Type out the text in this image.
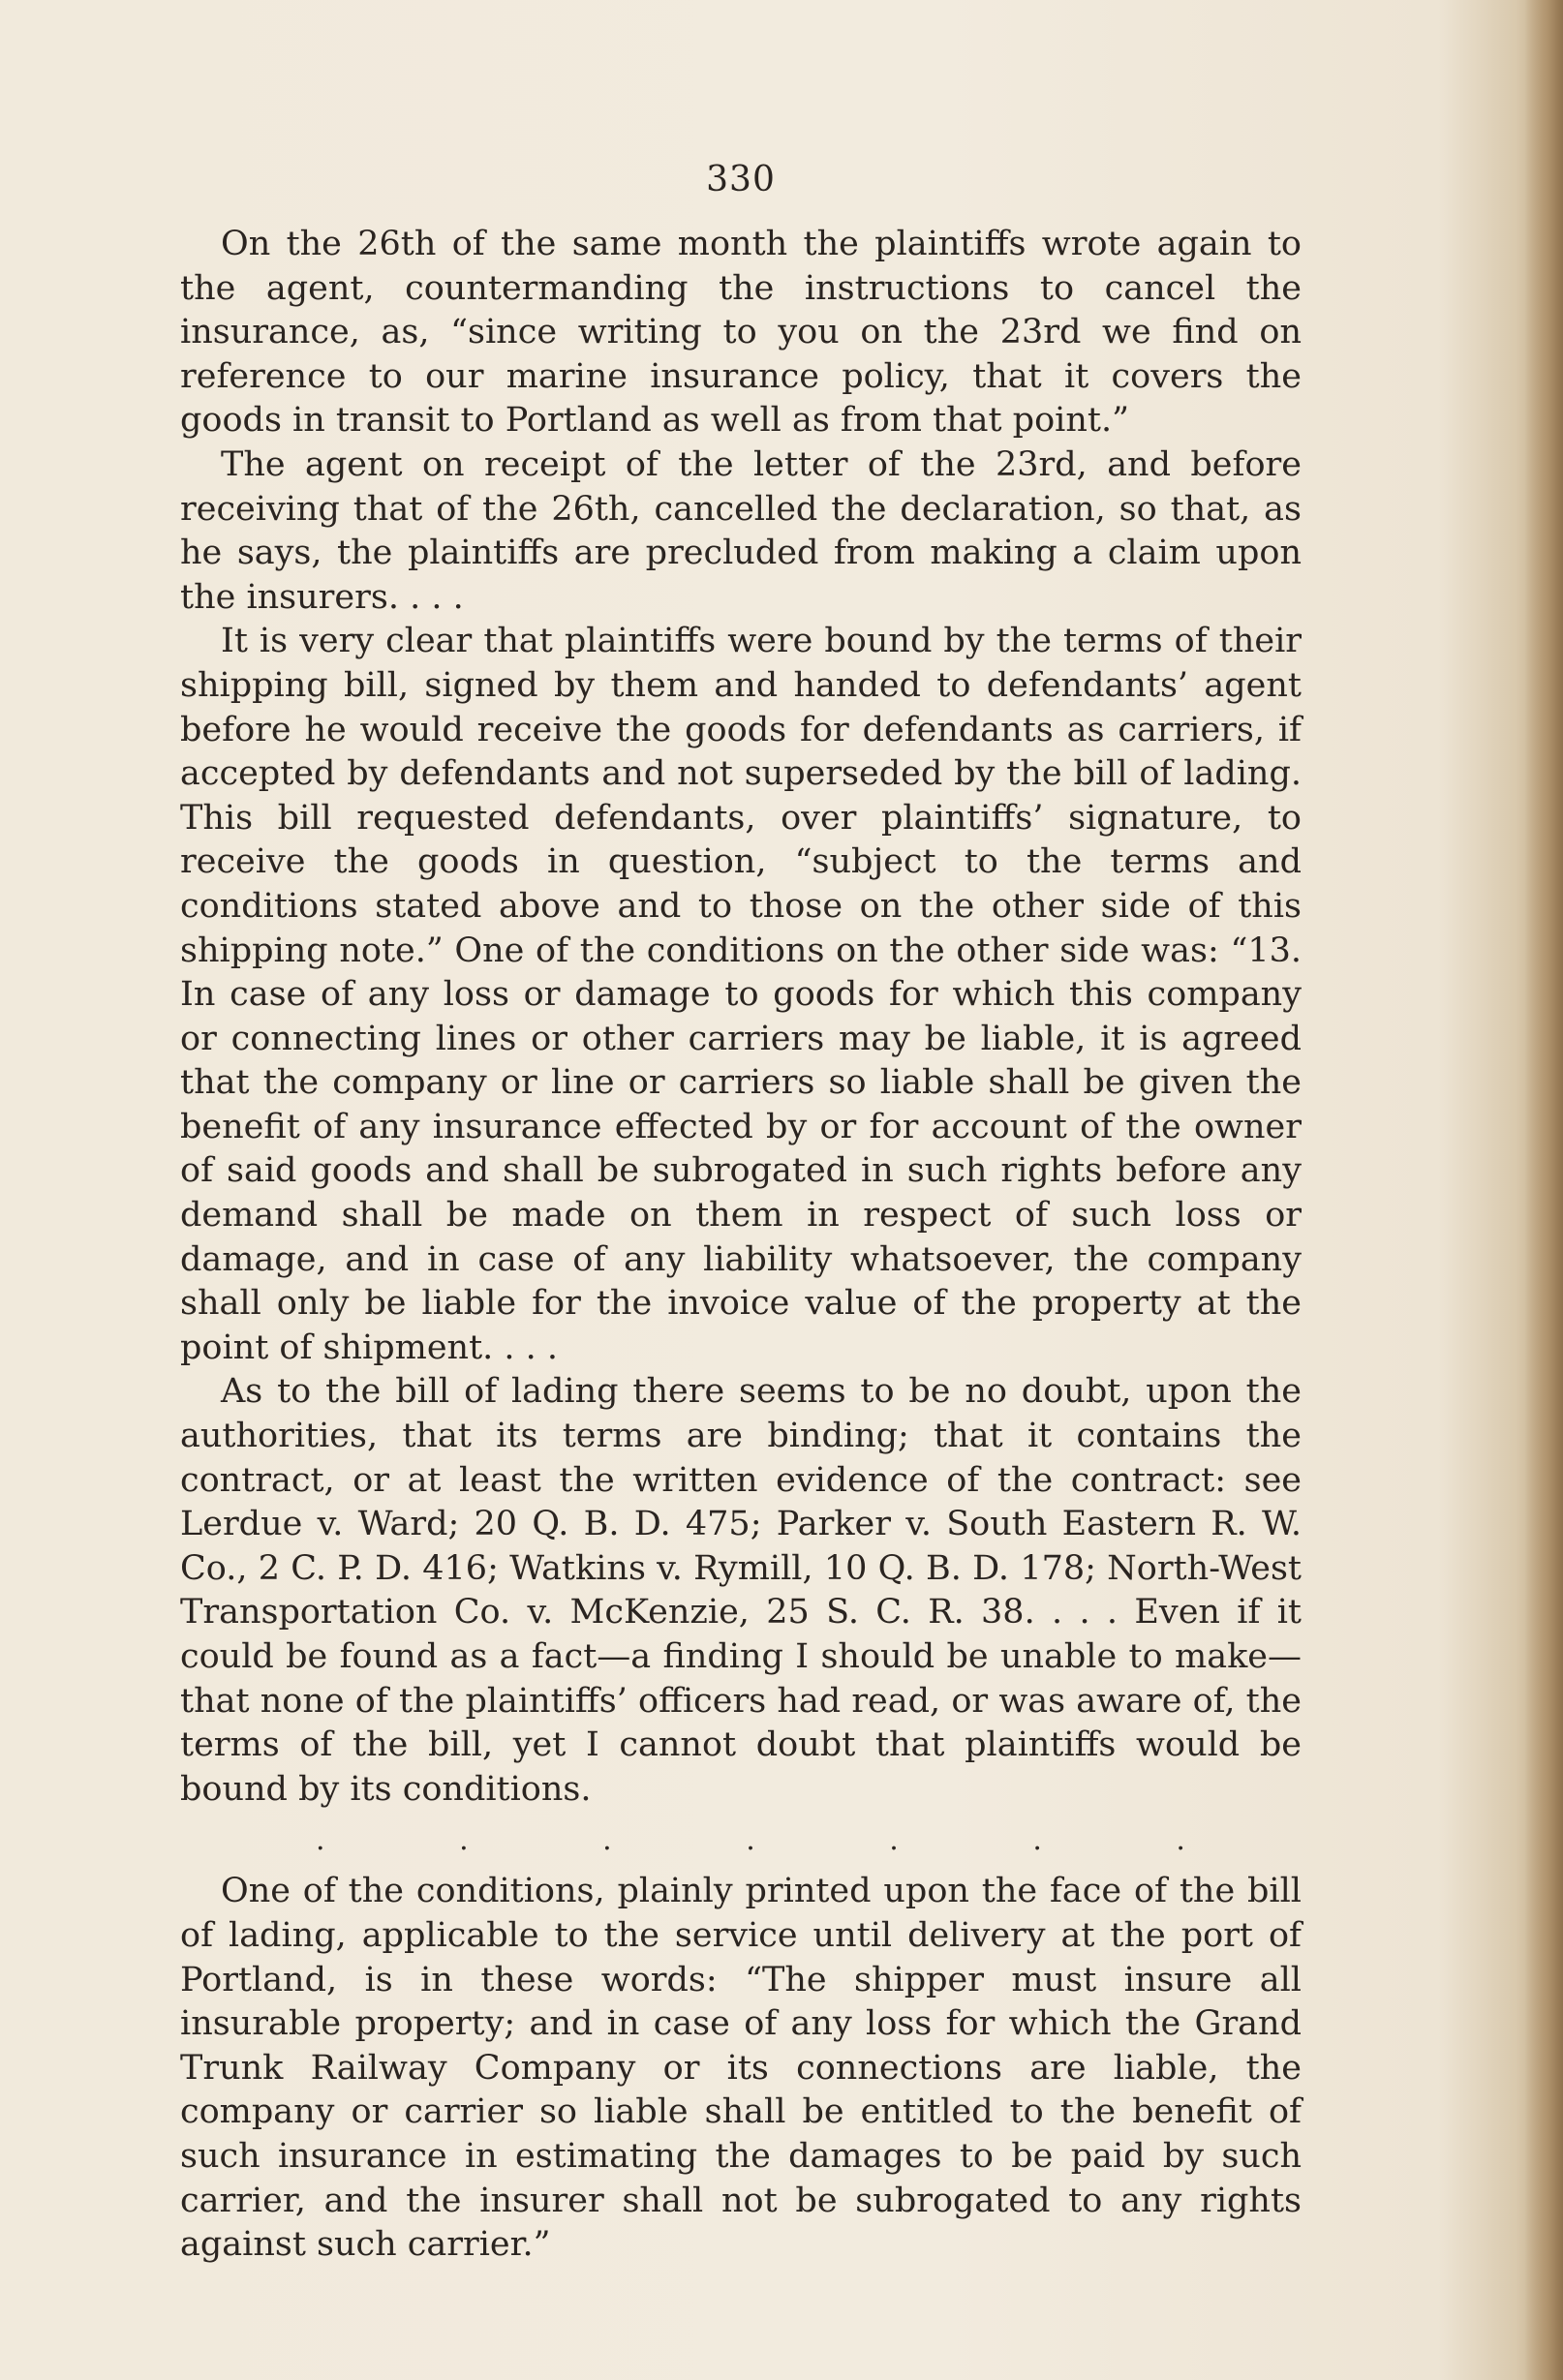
330

On the 26th of the same month the plaintiffs wrote again to the agent, countermanding the instructions to cancel the insurance, as, “since writing to you on the 23rd we find on reference to our marine insurance policy, that it covers the goods in transit to Portland as well as from that point.”

The agent on receipt of the letter of the 23rd, and before receiving that of the 26th, cancelled the declaration, so that, as he says, the plaintiffs are precluded from making a claim upon the insurers. . . .

It is very clear that plaintiffs were bound by the terms of their shipping bill, signed by them and handed to defendants’ agent before he would receive the goods for defendants as carriers, if accepted by defendants and not superseded by the bill of lading. This bill requested defendants, over plaintiffs’ signature, to receive the goods in question, “subject to the terms and conditions stated above and to those on the other side of this shipping note.” One of the conditions on the other side was: “13. In case of any loss or damage to goods for which this company or connecting lines or other carriers may be liable, it is agreed that the company or line or carriers so liable shall be given the benefit of any insurance effected by or for account of the owner of said goods and shall be subrogated in such rights before any demand shall be made on them in respect of such loss or damage, and in case of any liability whatsoever, the company shall only be liable for the invoice value of the property at the point of shipment. . . .

As to the bill of lading there seems to be no doubt, upon the authorities, that its terms are binding; that it contains the contract, or at least the written evidence of the contract: see Lerdue v. Ward; 20 Q. B. D. 475; Parker v. South Eastern R. W. Co., 2 C. P. D. 416; Watkins v. Rymill, 10 Q. B. D. 178; North-West Transportation Co. v. McKenzie, 25 S. C. R. 38. . . . Even if it could be found as a fact—a finding I should be unable to make—that none of the plaintiffs’ officers had read, or was aware of, the terms of the bill, yet I cannot doubt that plaintiffs would be bound by its conditions.

.	.	.	.	.	.	.

One of the conditions, plainly printed upon the face of the bill of lading, applicable to the service until delivery at the port of Portland, is in these words: “The shipper must insure all insurable property; and in case of any loss for which the Grand Trunk Railway Company or its connections are liable, the company or carrier so liable shall be entitled to the benefit of such insurance in estimating the damages to be paid by such carrier, and the insurer shall not be subrogated to any rights against such carrier.”
